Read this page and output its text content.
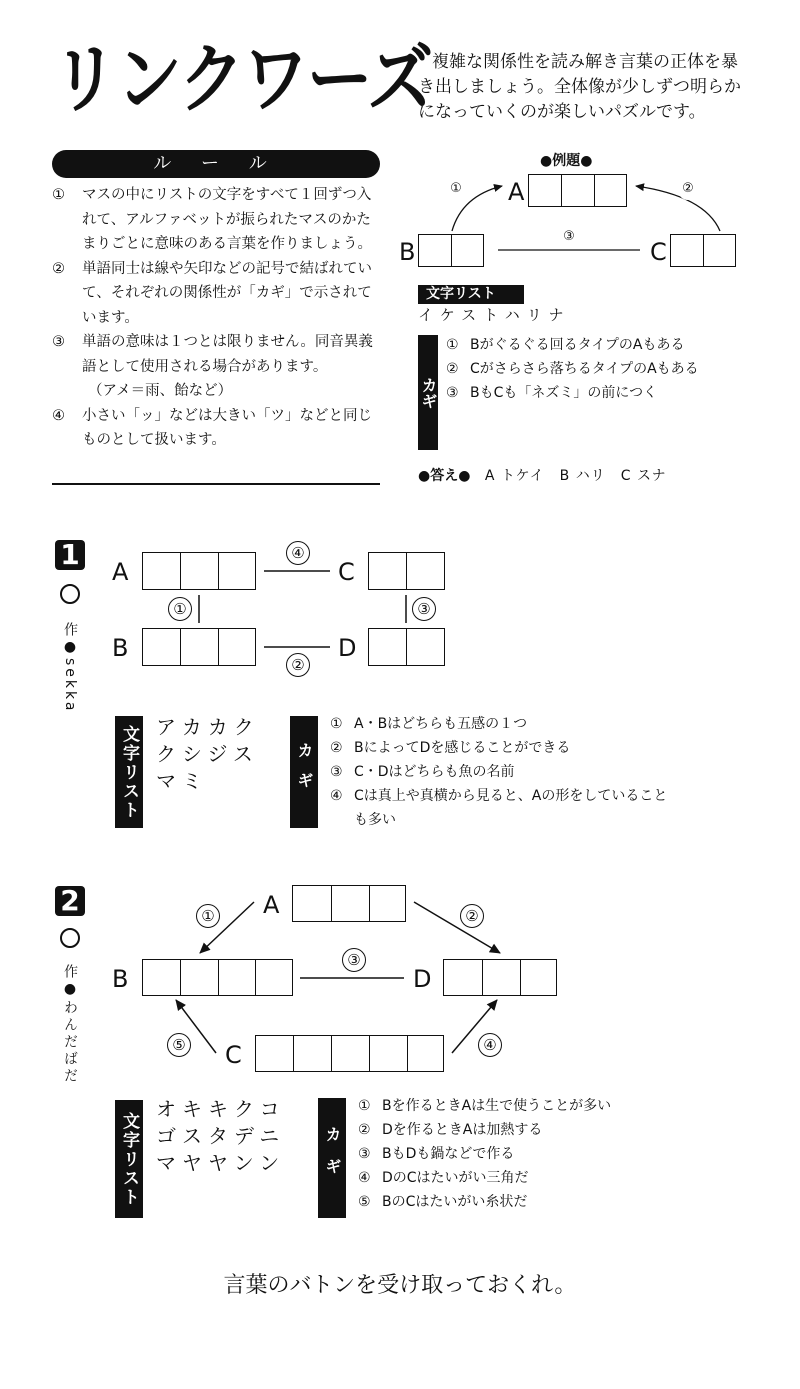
リンクワーズ 複雑な関係性を読み解き言葉の正体を暴き出しましょう。全体像が少しずつ明らかになっていくのが楽しいパズルです。
ル ー ル
① マスの中にリストの文字をすべて１回ずつ入れて、アルファベットが振られたマスのかたまりごとに意味のある言葉を作りましょう。
② 単語同士は線や矢印などの記号で結ばれていて、それぞれの関係性が「カギ」で示されています。
③ 単語の意味は１つとは限りません。同音異義語として使用される場合があります。
（アメ＝雨、飴など）
④ 小さい「ッ」などは大きい「ツ」などと同じものとして扱います。
●例題●
A
B	C
①	②
③
文字リスト
イケストハリナ
カギ
① Bがぐるぐる回るタイプのAもある
② Cがさらさら落ちるタイプのAもある
③ BもCも「ネズミ」の前につく
●答え● A トケイ　B ハリ　C スナ
1
作●sekka
A	C
B	D
④
②
①	③
文字リスト アカカク
クシジス
マミ	カギ
① A・Bはどちらも五感の１つ
② BによってDを感じることができる
③ C・Dはどちらも魚の名前
④ Cは真上や真横から見ると、Aの形をしていることも多い
2
作●わんだばだ
A
B	D
C
①	②
③
④
⑤
文字リスト
オキキクコ
ゴスタデニ
マヤヤンン	カギ
① Bを作るときAは生で使うことが多い
② Dを作るときAは加熱する
③ BもDも鍋などで作る
④ DのCはたいがい三角だ
⑤ BのCはたいがい糸状だ
言葉のバトンを受け取っておくれ。
